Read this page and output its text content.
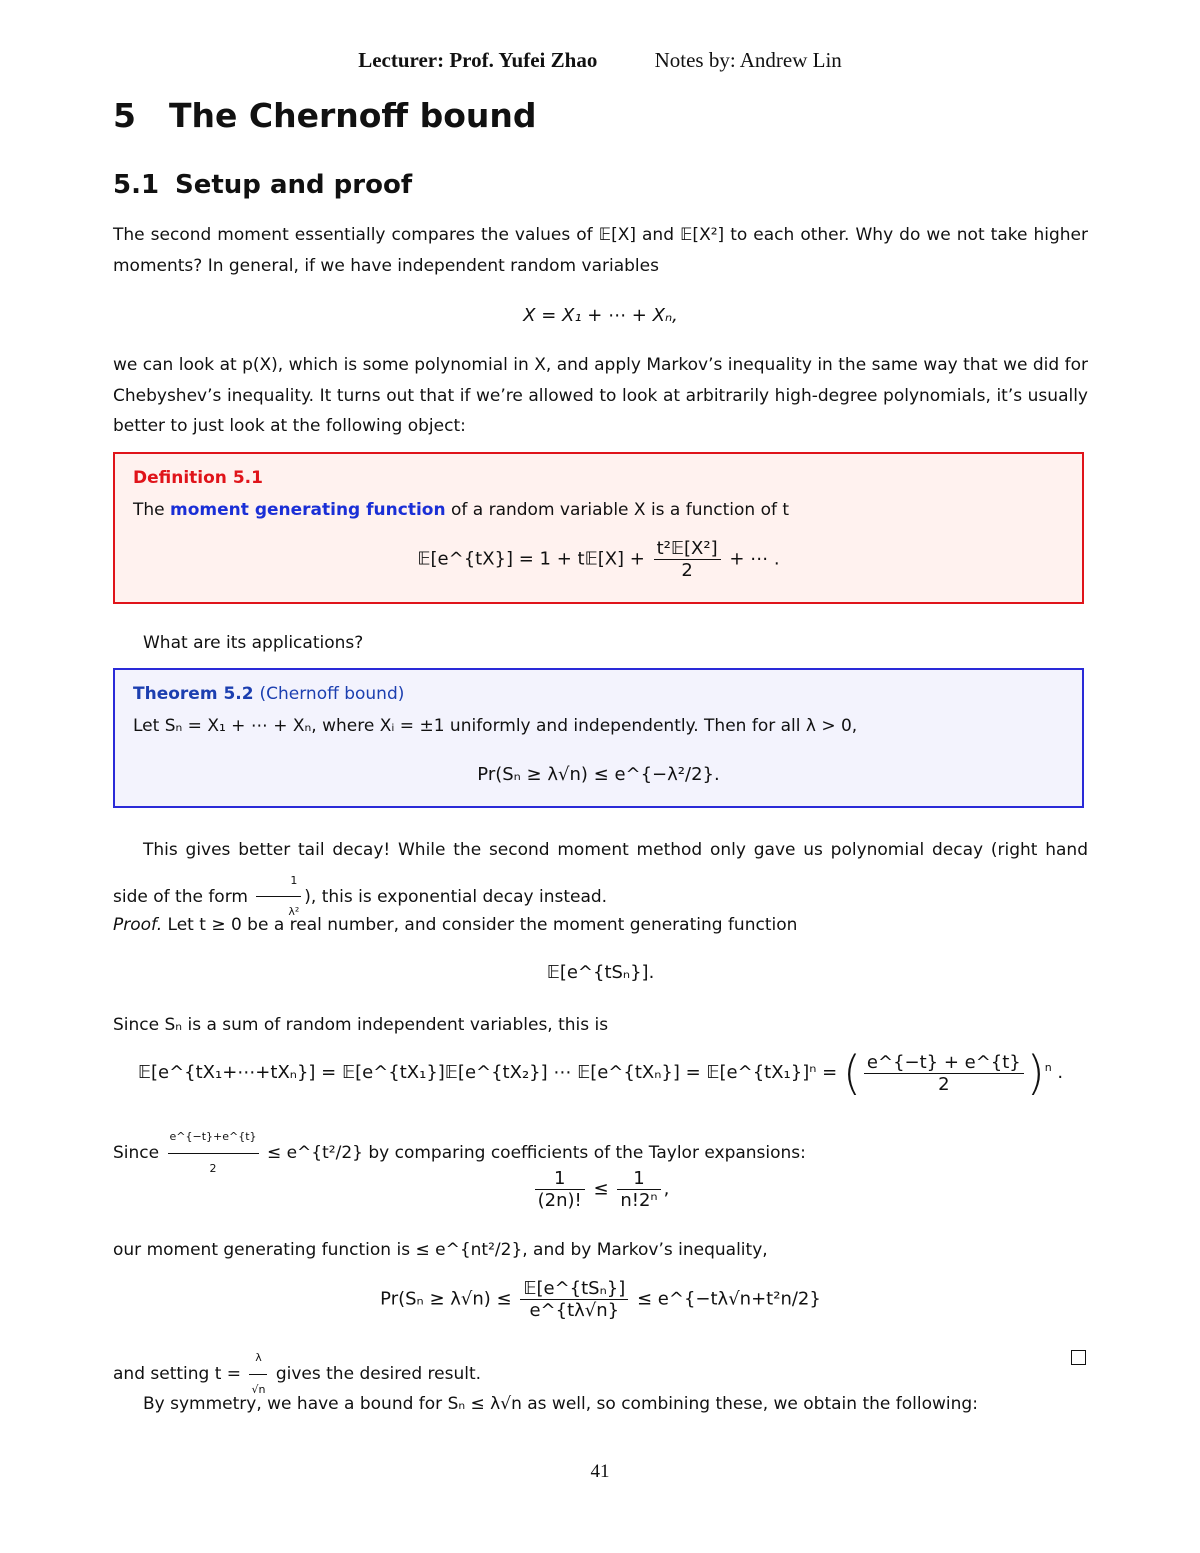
Lecturer: Prof. Yufei Zhao	Notes by: Andrew Lin
5 The Chernoff bound
5.1 Setup and proof
The second moment essentially compares the values of 𝔼[X] and 𝔼[X²] to each other. Why do we not take higher moments? In general, if we have independent random variables
X = X₁ + ⋯ + Xₙ,
we can look at p(X), which is some polynomial in X, and apply Markov’s inequality in the same way that we did for Chebyshev’s inequality. It turns out that if we’re allowed to look at arbitrarily high-degree polynomials, it’s usually better to just look at the following object:
Definition 5.1
The moment generating function of a random variable X is a function of t
𝔼[e^{tX}] = 1 + t𝔼[X] + $\frac{\text{t²𝔼[X²]}}{2}$ + ⋯ .
What are its applications?
Theorem 5.2 (Chernoff bound)
Let Sₙ = X₁ + ⋯ + Xₙ, where Xᵢ = ±1 uniformly and independently. Then for all λ > 0,
Pr(Sₙ ≥ λ√n) ≤ e^{−λ²/2}.
This gives better tail decay! While the second moment method only gave us polynomial decay (right hand side of the form $\frac{1}{\text{λ²}}$ ), this is exponential decay instead.
Proof. Let t ≥ 0 be a real number, and consider the moment generating function
𝔼[e^{tSₙ}].
Since Sₙ is a sum of random independent variables, this is
𝔼[e^{tX₁+⋯+tXₙ}] = 𝔼[e^{tX₁}]𝔼[e^{tX₂}] ⋯ 𝔼[e^{tXₙ}] = 𝔼[e^{tX₁}]ⁿ = ( $\frac{e\^{}\{-t\} + e\^{}\{t\}}{2} )^n$ .
Since $\frac{e\^{}\{-t\}+e\^{}\{t\}}{2}$ ≤ e^{t²/2} by comparing coefficients of the Taylor expansions:
$\frac{1}{(2n)!} \le \frac{1}{\text{n!2ⁿ}}$ ,
our moment generating function is ≤ e^{nt²/2}, and by Markov’s inequality,
$Pr(S_n \ge \lambda√n) \le \frac{\text{𝔼[e\textasciicircum{}\{tSₙ\}]}}{e\^{}\{t\lambda√n\}}$ ≤ e^{−tλ√n+t²n/2}
and setting $t = \frac{\lambda}{√n}$ gives the desired result.
By symmetry, we have a bound for Sₙ ≤ λ√n as well, so combining these, we obtain the following:
41
